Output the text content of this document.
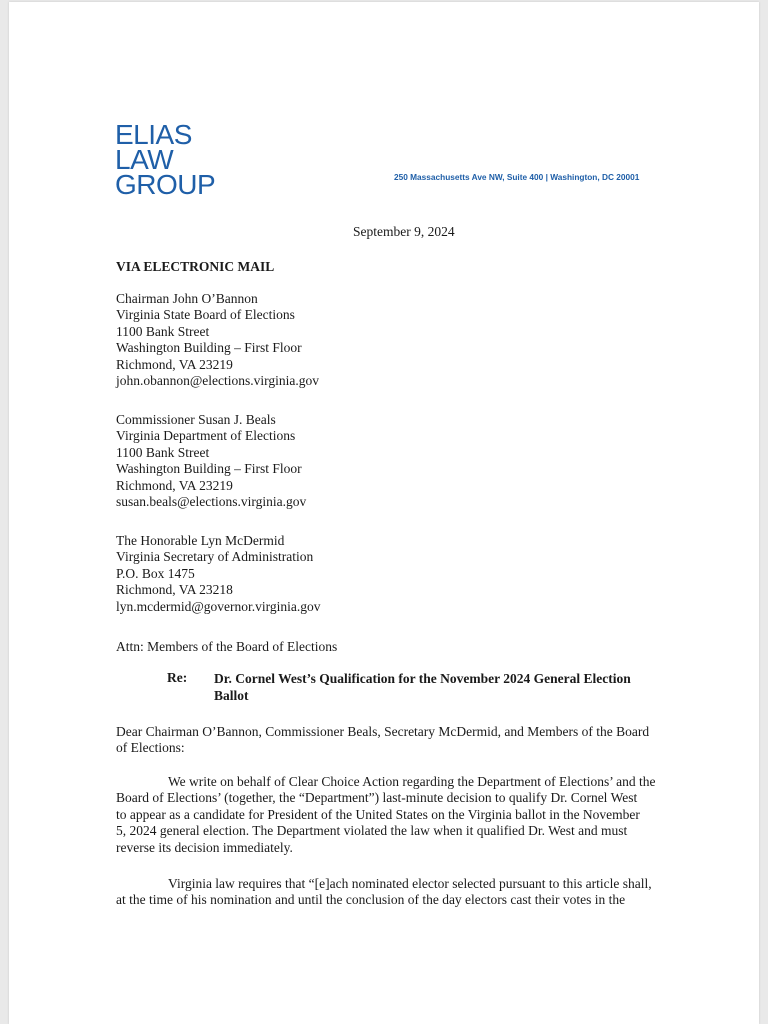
ELIAS
LAW
GROUP	250 Massachusetts Ave NW, Suite 400 | Washington, DC 20001
September 9, 2024
VIA ELECTRONIC MAIL
Chairman John O’Bannon
Virginia State Board of Elections
1100 Bank Street
Washington Building – First Floor
Richmond, VA 23219
john.obannon@elections.virginia.gov
Commissioner Susan J. Beals
Virginia Department of Elections
1100 Bank Street
Washington Building – First Floor
Richmond, VA 23219
susan.beals@elections.virginia.gov
The Honorable Lyn McDermid
Virginia Secretary of Administration
P.O. Box 1475
Richmond, VA 23218
lyn.mcdermid@governor.virginia.gov
Attn: Members of the Board of Elections
Re: Dr. Cornel West’s Qualification for the November 2024 General Election
Ballot
Dear Chairman O’Bannon, Commissioner Beals, Secretary McDermid, and Members of the Board
of Elections:
We write on behalf of Clear Choice Action regarding the Department of Elections’ and the
Board of Elections’ (together, the “Department”) last-minute decision to qualify Dr. Cornel West
to appear as a candidate for President of the United States on the Virginia ballot in the November
5, 2024 general election. The Department violated the law when it qualified Dr. West and must
reverse its decision immediately.
Virginia law requires that “[e]ach nominated elector selected pursuant to this article shall,
at the time of his nomination and until the conclusion of the day electors cast their votes in the
